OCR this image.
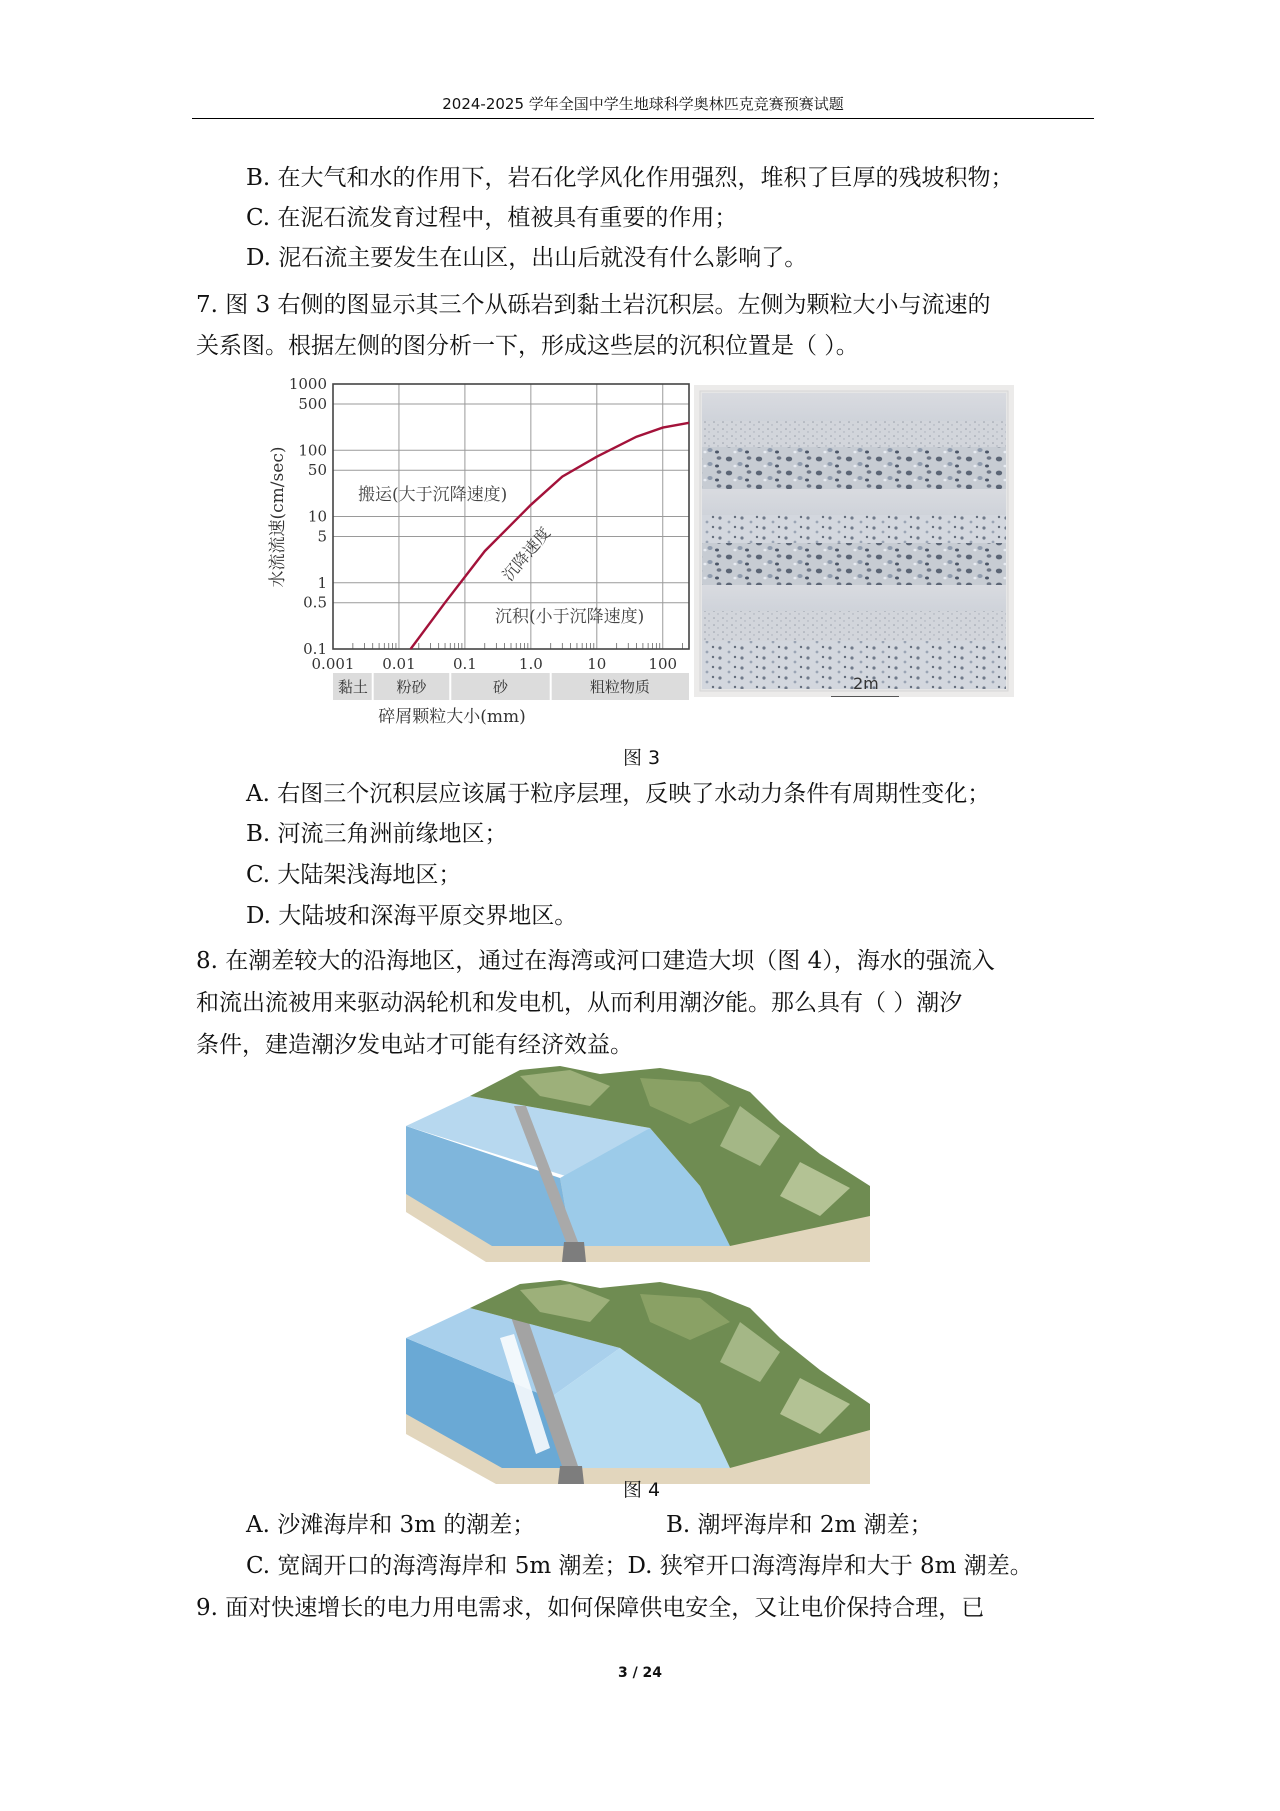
2024-2025 学年全国中学生地球科学奥林匹克竞赛预赛试题
B. 在大气和水的作用下，岩石化学风化作用强烈，堆积了巨厚的残坡积物；
C. 在泥石流发育过程中，植被具有重要的作用；
D. 泥石流主要发生在山区，出山后就没有什么影响了。
7. 图 3 右侧的图显示其三个从砾岩到黏土岩沉积层。左侧为颗粒大小与流速的
关系图。根据左侧的图分析一下，形成这些层的沉积位置是（ ）。
1000
500
100
50
10
5
1
0.5
0.1
0.001 0.01 0.1	1.0	10	100
黏土 粉砂	砂	粗粒物质
搬运(大于沉降速度)
沉积(小于沉降速度)
沉降速度
水流流速(cm/sec)
碎屑颗粒大小(mm)
2m
图 3
A. 右图三个沉积层应该属于粒序层理，反映了水动力条件有周期性变化；
B. 河流三角洲前缘地区；
C. 大陆架浅海地区；
D. 大陆坡和深海平原交界地区。
8. 在潮差较大的沿海地区，通过在海湾或河口建造大坝（图 4），海水的强流入
和流出流被用来驱动涡轮机和发电机，从而利用潮汐能。那么具有（ ）潮汐
条件，建造潮汐发电站才可能有经济效益。
图 4
A. 沙滩海岸和 3m 的潮差；	B. 潮坪海岸和 2m 潮差；
C. 宽阔开口的海湾海岸和 5m 潮差；D. 狭窄开口海湾海岸和大于 8m 潮差。
9. 面对快速增长的电力用电需求，如何保障供电安全，又让电价保持合理，已
3 / 24
